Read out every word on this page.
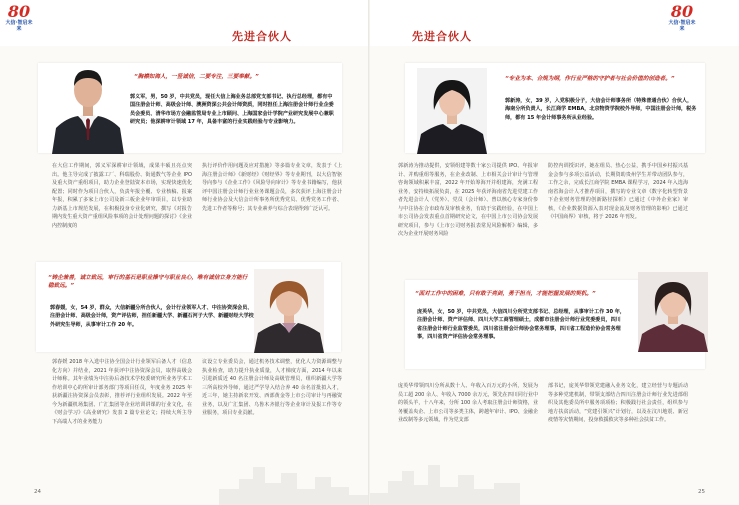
80
大信·智启未来
先进合伙人
“胸襟如海人，一竖诚信，二要专注，三要奉献。”
郭义军，男，50 岁，中共党员，现任大信上海业务总部党支部书记、执行总经理，都有中国注册会计师、高级会计师、澳洲资深公共会计师资质，同时担任上海注册会计师行业企委员会委员、清华市场方会融监管局专业上市顾问、上海国家会计学院产业研究发展中心兼职研究员；他深耕审计领域 17 年，具备丰富的行业实践经验与专业影响力。
在大信工作期间，郭义军深耕审计领域，成果丰硕且亮点突出。他主导完成了披露工厂、科瑞股份、街通数气等企业 IPO 及重大资产重组项目，助力企业登陆资本市场，实现快速优化配置；同时作为项目合伙人，负责年报全覆、专业核稿、报案年报，积累了多家上市公司及新三板企业年审项目，以专业助力新基上市规范发展，在积极投身专业化研究，撰写《对报告期内发生重大资产重组风险事项的会计处理问题的探讨》《企业内控制度的
执行评价作用问题及应对措施》等多篇专业文章，发表于《上海注册会计师》《新财经》《财经界》等专业期刊，以大信智驱导向参与《企业工作》《风险导向审计》等专业书籍编写，他获评中国注册会计师行业业务课题会员，多次获评上海注册会计师行业协会及大信会计所事务所优秀党员、优秀党务工作者、先进工作者等称号；其专业素养与综合表现得到广泛认可。
“铸企兼善，诚立致远，审行的基石是职业操守与职业良心，唯有诚信立身方能行稳致远。”
郭春媛，女，54 岁，群众，大信新疆分所合伙人，会计行业领军人才、中注协资深会员、注册会计师、高级会计师，资产评估师，担任新疆大学、新疆石河子大学、新疆财经大学校外研究生导师，从事审计工作 20 年。
郭春媛 2018 年入选中注协全国会计行业领军后备人才（信息化方向）并结业，2021 年获评中注协资深会员，取得高级会计师称。其年业绩为中注协后备技术学校委研究所业务学术工作培训中心的所审计部务部门等项目任员，年度业务 2025 年获新疆注协资深会员表彰，推荐评行业组织发展。2022 年至今为新疆机场集团、广汇集团等企业培训讲课的行业文化，在《财会学习》《高业研究》发表 2 篇专业论文；持续大所主导下高端人才的业务能力
议设立专业委员会，通过机务技术调整，优化人力资源调整与执业检查，助力提升执业质量，人才梯度方面，2014 年以来引进新质近 40 名注册会计师及高级管理员，组织新疆大学等三所高校外导师，通过严学导入结合养 40 余名首批拟入才，近三年，她主持新农开发、西部黄金等上市公司审计与再融资业务，以及广汇集团、乌鲁木齐银行等企业审计及报工作等专业服务，项目专业贡献。
24
先进合伙人
80
大信·智启未来
“专业为本、合规为纲，作行业严格的守护者与社会价值的创造者。”
郭新涛，女，39 岁，入党积极分子，大信会计师事务所（特殊普通合伙）合伙人，海南分所负责人，长江商学 EMBA，北京物资学院校外导师，中国注册会计师，税务师，都有 15 年会计师事务所从业经验。
郭新涛为推动提供，安领组建等数十家公司提供 IPO、年报审计、并购重组等服务，在企业改制、上市相关会计审计与管理咨询领域积累丰富，2022 年开始筹海开并组建海，充满工程业务，安持续拓展负责，在 2025 年获评海南省先进党建工作者先进会计人（党外）、党员（会计师）、曾以核心专家身份参与中注协在合市政布及审核业务，有助于实践经验，在中国上市公司协会发表重点首期研究论文，在中国上市公司协会发展研究项目，参与《上市公司财务报表常见风险解析》编辑，多次为企业开展财务风险
防控内训授识评，她在组员、热心公益，携手中国乡村振兴基金会参与多项公益活动，长期资助贵州学生并带动团队参与，工作之余，完成长江商学院 EMBA 课程学习，2024 年入选海南省海会计人才推荐项目，撰写的专业文章《数字化转型背景下企业财务管理的创新路径探析》已通过《中外企业家》审核，《企业数据资源入表对现金流及财务管理的影响》已通过《中国商界》审核，将于 2026 年刊发。
“面对工作中的困难，只有敢于亮剑，勇于担当，才能把握发展的契机。”
庞英华，女，50 岁，中共党员，大信四川分所党支部书记、总经理，从事审计工作 30 年，注册会计师、资产评估师、四川大学工商管理硕士，成都市注册会计师行业党委委员，四川省注册会计师行业监管委员，四川省注册会计师协会常务理事，四川省工程造价协会常务理事，四川省资产评估协会常务理事。
庞英华带领四川分所从数十人、年收入百万元的小所，发展为员工超 200 余人、年收入 7000 余万元，领先在四川同行业中的领头羊，十八年来，分所 100 余人考取注册会计师资格，业务覆盖央企、上市公司等多类主体，跨越年审计、IPO、金融企业改制等多元领域，作为党支部
部书记，庞英华带领党建融入业务文化，建立经营与专题活动等多种党建机制，带领支部结合四川注册会计师行业先进部组织及其他委员所中服务项项检；积极践行社会责任，组织参与地方扶贫活动，“党建引领兴”计划行，以及在汶川地震、新冠疫情等灾情期间，投身救援救灾等多种社会扶贫工作。
25
